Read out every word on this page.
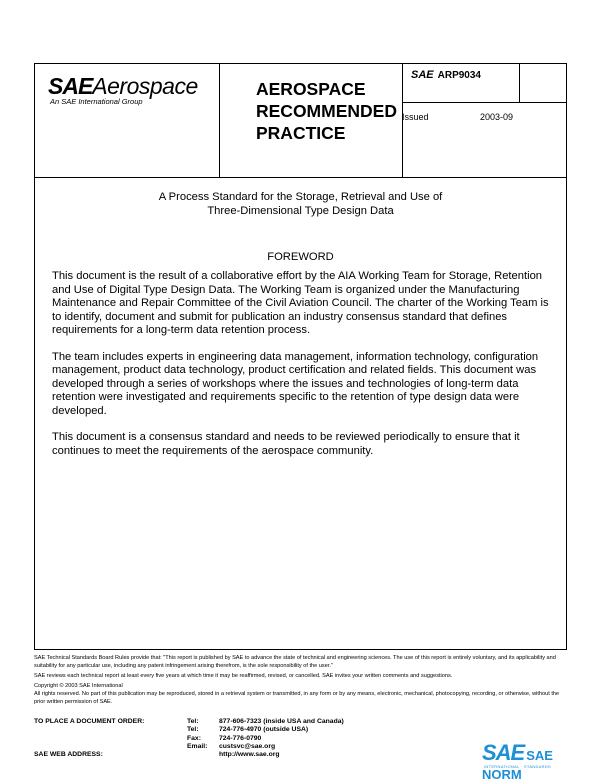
SAEAerospace
An SAE International Group
AEROSPACE
RECOMMENDED
PRACTICE
SAE ARP9034
Issued	2003-09
A Process Standard for the Storage, Retrieval and Use of
Three-Dimensional Type Design Data
FOREWORD

This document is the result of a collaborative effort by the AIA Working Team for Storage, Retention and Use of Digital Type Design Data. The Working Team is organized under the Manufacturing Maintenance and Repair Committee of the Civil Aviation Council. The charter of the Working Team is to identify, document and submit for publication an industry consensus standard that defines requirements for a long-term data retention process.

The team includes experts in engineering data management, information technology, configuration management, product data technology, product certification and related fields. This document was developed through a series of workshops where the issues and technologies of long-term data retention were investigated and requirements specific to the retention of type design data were developed.

This document is a consensus standard and needs to be reviewed periodically to ensure that it continues to meet the requirements of the aerospace community.

SAE Technical Standards Board Rules provide that: "This report is published by SAE to advance the state of technical and engineering sciences. The use of this report is entirely voluntary, and its applicability and suitability for any particular use, including any patent infringement arising therefrom, is the sole responsibility of the user."

SAE reviews each technical report at least every five years at which time it may be reaffirmed, revised, or cancelled. SAE invites your written comments and suggestions.

Copyright © 2003 SAE International

All rights reserved. No part of this publication may be reproduced, stored in a retrieval system or transmitted, in any form or by any means, electronic, mechanical, photocopying, recording, or otherwise, without the prior written permission of SAE.

TO PLACE A DOCUMENT ORDER:	Tel:	877-606-7323 (inside USA and Canada)
Tel:	724-776-4970 (outside USA)
Fax:	724-776-0790
Email: custsvc@sae.org
SAE WEB ADDRESS:	http://www.sae.org	SAE SAE NORM
INTERNATIONAL · STANDARDS
